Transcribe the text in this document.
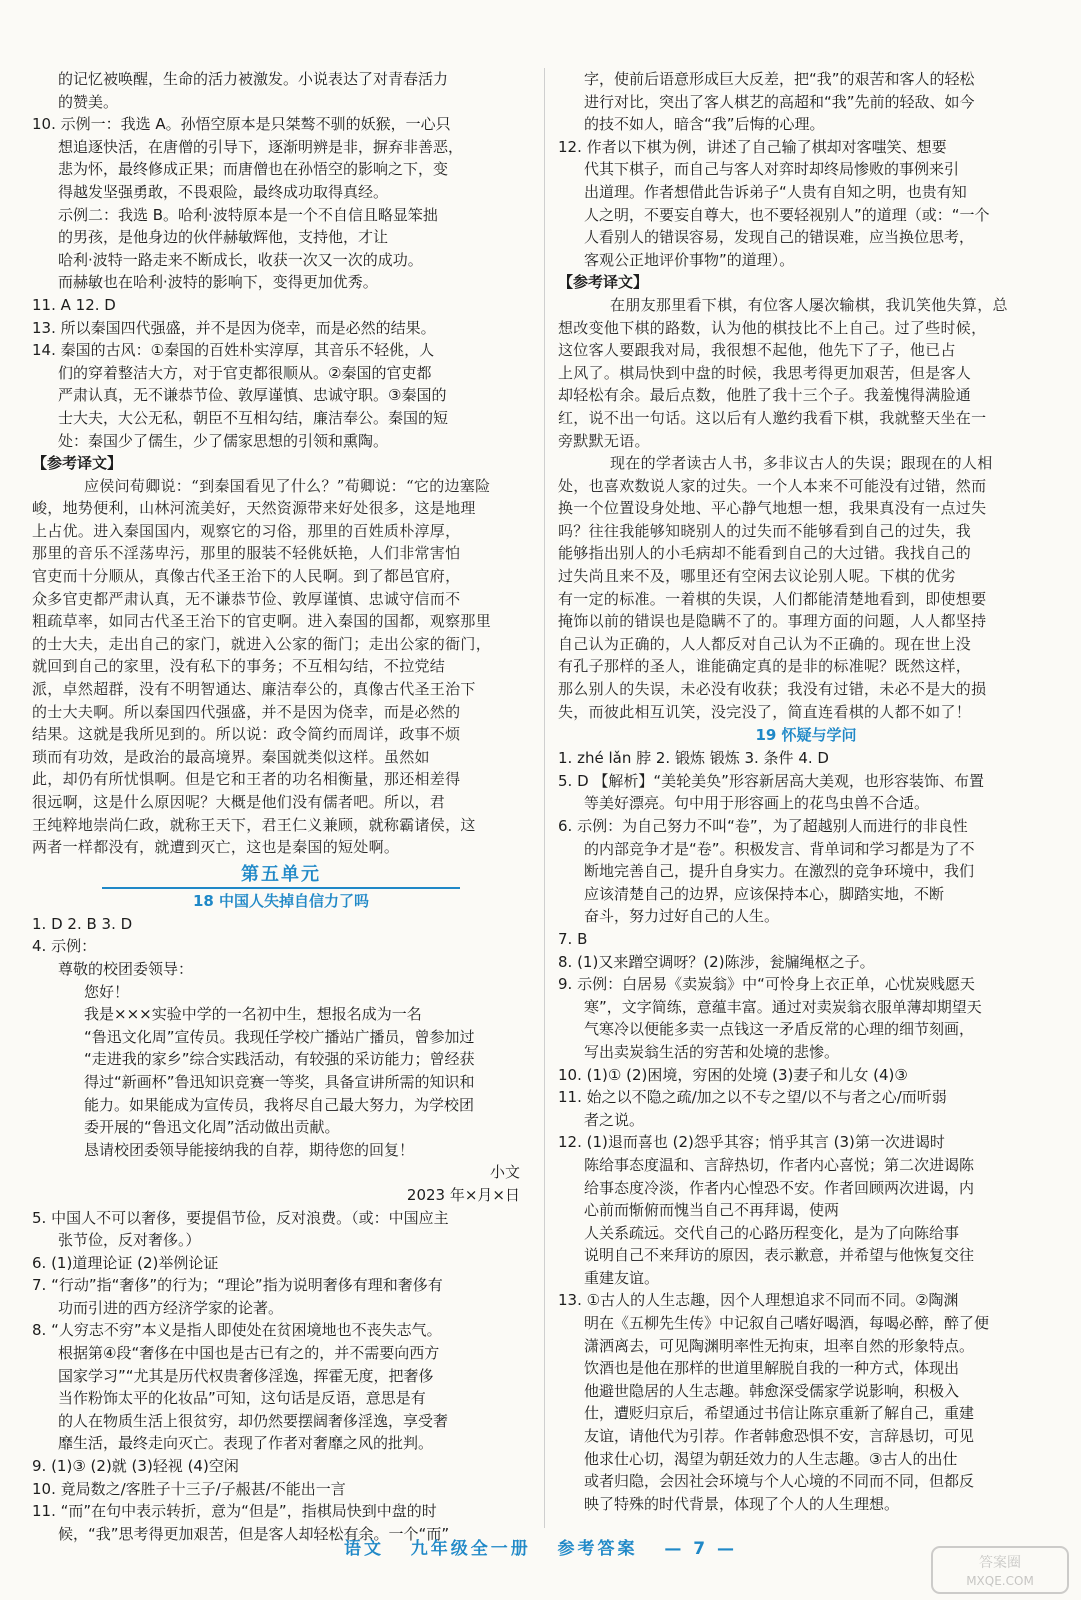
的记忆被唤醒，生命的活力被激发。小说表达了对青春活力

的赞美。

10. 示例一：我选 A。孙悟空原本是只桀骜不驯的妖猴，一心只

想追逐快活，在唐僧的引导下，逐渐明辨是非，摒弃非善恶，

悲为怀，最终修成正果；而唐僧也在孙悟空的影响之下，变

得越发坚强勇敢，不畏艰险，最终成功取得真经。

示例二：我选 B。哈利·波特原本是一个不自信且略显笨拙

的男孩，是他身边的伙伴赫敏辉他，支持他，才让

哈利·波特一路走来不断成长，收获一次又一次的成功。

而赫敏也在哈利·波特的影响下，变得更加优秀。

11. A 12. D

13. 所以秦国四代强盛，并不是因为侥幸，而是必然的结果。

14. 秦国的古风：①秦国的百姓朴实淳厚，其音乐不轻佻，人

们的穿着整洁大方，对于官吏都很顺从。②秦国的官吏都

严肃认真，无不谦恭节俭、敦厚谨慎、忠诚守职。③秦国的

士大夫，大公无私，朝臣不互相勾结，廉洁奉公。秦国的短

处：秦国少了儒生，少了儒家思想的引领和熏陶。

【参考译文】

应侯问荀卿说：“到秦国看见了什么？”荀卿说：“它的边塞险

峻，地势便利，山林河流美好，天然资源带来好处很多，这是地理

上占优。进入秦国国内，观察它的习俗，那里的百姓质朴淳厚，

那里的音乐不淫荡卑污，那里的服装不轻佻妖艳，人们非常害怕

官吏而十分顺从，真像古代圣王治下的人民啊。到了都邑官府，

众多官吏都严肃认真，无不谦恭节俭、敦厚谨慎、忠诚守信而不

粗疏草率，如同古代圣王治下的官吏啊。进入秦国的国都，观察那里

的士大夫，走出自己的家门，就进入公家的衙门；走出公家的衙门，

就回到自己的家里，没有私下的事务；不互相勾结，不拉党结

派，卓然超群，没有不明智通达、廉洁奉公的，真像古代圣王治下

的士大夫啊。所以秦国四代强盛，并不是因为侥幸，而是必然的

结果。这就是我所见到的。所以说：政令简约而周详，政事不烦

琐而有功效，是政治的最高境界。秦国就类似这样。虽然如

此，却仍有所忧惧啊。但是它和王者的功名相衡量，那还相差得

很远啊，这是什么原因呢？大概是他们没有儒者吧。所以，君

王纯粹地崇尚仁政，就称王天下，君王仁义兼顾，就称霸诸侯，这

两者一样都没有，就遭到灭亡，这也是秦国的短处啊。

第五单元
18 中国人失掉自信力了吗

1. D 2. B 3. D

4. 示例：

尊敬的校团委领导：

您好！

我是×××实验中学的一名初中生，想报名成为一名

“鲁迅文化周”宣传员。我现任学校广播站广播员，曾参加过

“走进我的家乡”综合实践活动，有较强的采访能力；曾经获

得过“新画杯”鲁迅知识竞赛一等奖，具备宣讲所需的知识和

能力。如果能成为宣传员，我将尽自己最大努力，为学校团

委开展的“鲁迅文化周”活动做出贡献。

恳请校团委领导能接纳我的自荐，期待您的回复！

小文

2023 年×月×日

5. 中国人不可以奢侈，要提倡节俭，反对浪费。（或：中国应主

张节俭，反对奢侈。）

6. (1)道理论证 (2)举例论证

7. “行动”指“奢侈”的行为；“理论”指为说明奢侈有理和奢侈有

功而引进的西方经济学家的论著。

8. “人穷志不穷”本义是指人即使处在贫困境地也不丧失志气。

根据第④段“奢侈在中国也是古已有之的，并不需要向西方

国家学习”“尤其是历代权贵奢侈淫逸，挥霍无度，把奢侈

当作粉饰太平的化妆品”可知，这句话是反语，意思是有

的人在物质生活上很贫穷，却仍然要摆阔奢侈淫逸，享受奢

靡生活，最终走向灭亡。表现了作者对奢靡之风的批判。

9. (1)③ (2)就 (3)轻视 (4)空闲

10. 竟局数之/客胜子十三子/子赧甚/不能出一言

11. “而”在句中表示转折，意为“但是”，指棋局快到中盘的时

候，“我”思考得更加艰苦，但是客人却轻松有余。一个“而”

字，使前后语意形成巨大反差，把“我”的艰苦和客人的轻松

进行对比，突出了客人棋艺的高超和“我”先前的轻敌、如今

的技不如人，暗含“我”后悔的心理。

12. 作者以下棋为例，讲述了自己输了棋却对客嗤笑、想要

代其下棋子，而自己与客人对弈时却终局惨败的事例来引

出道理。作者想借此告诉弟子“人贵有自知之明，也贵有知

人之明，不要妄自尊大，也不要轻视别人”的道理（或：“一个

人看别人的错误容易，发现自己的错误难，应当换位思考，

客观公正地评价事物”的道理）。

【参考译文】

在朋友那里看下棋，有位客人屡次输棋，我讥笑他失算，总

想改变他下棋的路数，认为他的棋技比不上自己。过了些时候，

这位客人要跟我对局，我很想不起他，他先下了子，他已占

上风了。棋局快到中盘的时候，我思考得更加艰苦，但是客人

却轻松有余。最后点数，他胜了我十三个子。我羞愧得满脸通

红，说不出一句话。这以后有人邀约我看下棋，我就整天坐在一

旁默默无语。

现在的学者读古人书，多非议古人的失误；跟现在的人相

处，也喜欢数说人家的过失。一个人本来不可能没有过错，然而

换一个位置设身处地、平心静气地想一想，我果真没有一点过失

吗？往往我能够知晓别人的过失而不能够看到自己的过失，我

能够指出别人的小毛病却不能看到自己的大过错。我找自己的

过失尚且来不及，哪里还有空闲去议论别人呢。下棋的优劣

有一定的标准。一着棋的失误，人们都能清楚地看到，即使想要

掩饰以前的错误也是隐瞒不了的。事理方面的问题，人人都坚持

自己认为正确的，人人都反对自己认为不正确的。现在世上没

有孔子那样的圣人，谁能确定真的是非的标准呢？既然这样，

那么别人的失误，未必没有收获；我没有过错，未必不是大的损

失，而彼此相互讥笑，没完没了，简直连看棋的人都不如了！

19 怀疑与学问

1. zhé lǎn 脖 2. 锻炼 锻炼 3. 条件 4. D

5. D 【解析】“美轮美奂”形容新居高大美观，也形容装饰、布置

等美好漂亮。句中用于形容画上的花鸟虫兽不合适。

6. 示例：为自己努力不叫“卷”，为了超越别人而进行的非良性

的内部竞争才是“卷”。积极发言、背单词和学习都是为了不

断地完善自己，提升自身实力。在激烈的竞争环境中，我们

应该清楚自己的边界，应该保持本心，脚踏实地，不断

奋斗，努力过好自己的人生。

7. B

8. (1)又来蹭空调呀？(2)陈涉，瓮牖绳枢之子。

9. 示例：白居易《卖炭翁》中“可怜身上衣正单，心忧炭贱愿天

寒”，文字简练，意蕴丰富。通过对卖炭翁衣服单薄却期望天

气寒冷以便能多卖一点钱这一矛盾反常的心理的细节刻画，

写出卖炭翁生活的穷苦和处境的悲惨。

10. (1)① (2)困境，穷困的处境 (3)妻子和儿女 (4)③

11. 始之以不隐之疏/加之以不专之望/以不与者之心/而听弱

者之说。

12. (1)退而喜也 (2)怨乎其容；悄乎其言 (3)第一次进谒时

陈给事态度温和、言辞热切，作者内心喜悦；第二次进谒陈

给事态度冷淡，作者内心惶恐不安。作者回顾两次进谒，内

心前而惭俯而愧当自己不再拜谒，使两

人关系疏远。交代自己的心路历程变化，是为了向陈给事

说明自己不来拜访的原因，表示歉意，并希望与他恢复交往

重建友谊。

13. ①古人的人生志趣，因个人理想追求不同而不同。②陶渊

明在《五柳先生传》中记叙自己嗜好喝酒，每喝必醉，醉了便

潇洒离去，可见陶渊明率性无拘束，坦率自然的形象特点。

饮酒也是他在那样的世道里解脱自我的一种方式，体现出

他避世隐居的人生志趣。韩愈深受儒家学说影响，积极入

仕，遭贬归京后，希望通过书信让陈京重新了解自己，重建

友谊，请他代为引荐。作者韩愈恐惧不安，言辞恳切，可见

他求仕心切，渴望为朝廷效力的人生志趣。③古人的出仕

或者归隐，会因社会环境与个人心境的不同而不同，但都反

映了特殊的时代背景，体现了个人的人生理想。

语文 九年级全一册 参考答案 — 7 —
答案圈
MXQE.COM
